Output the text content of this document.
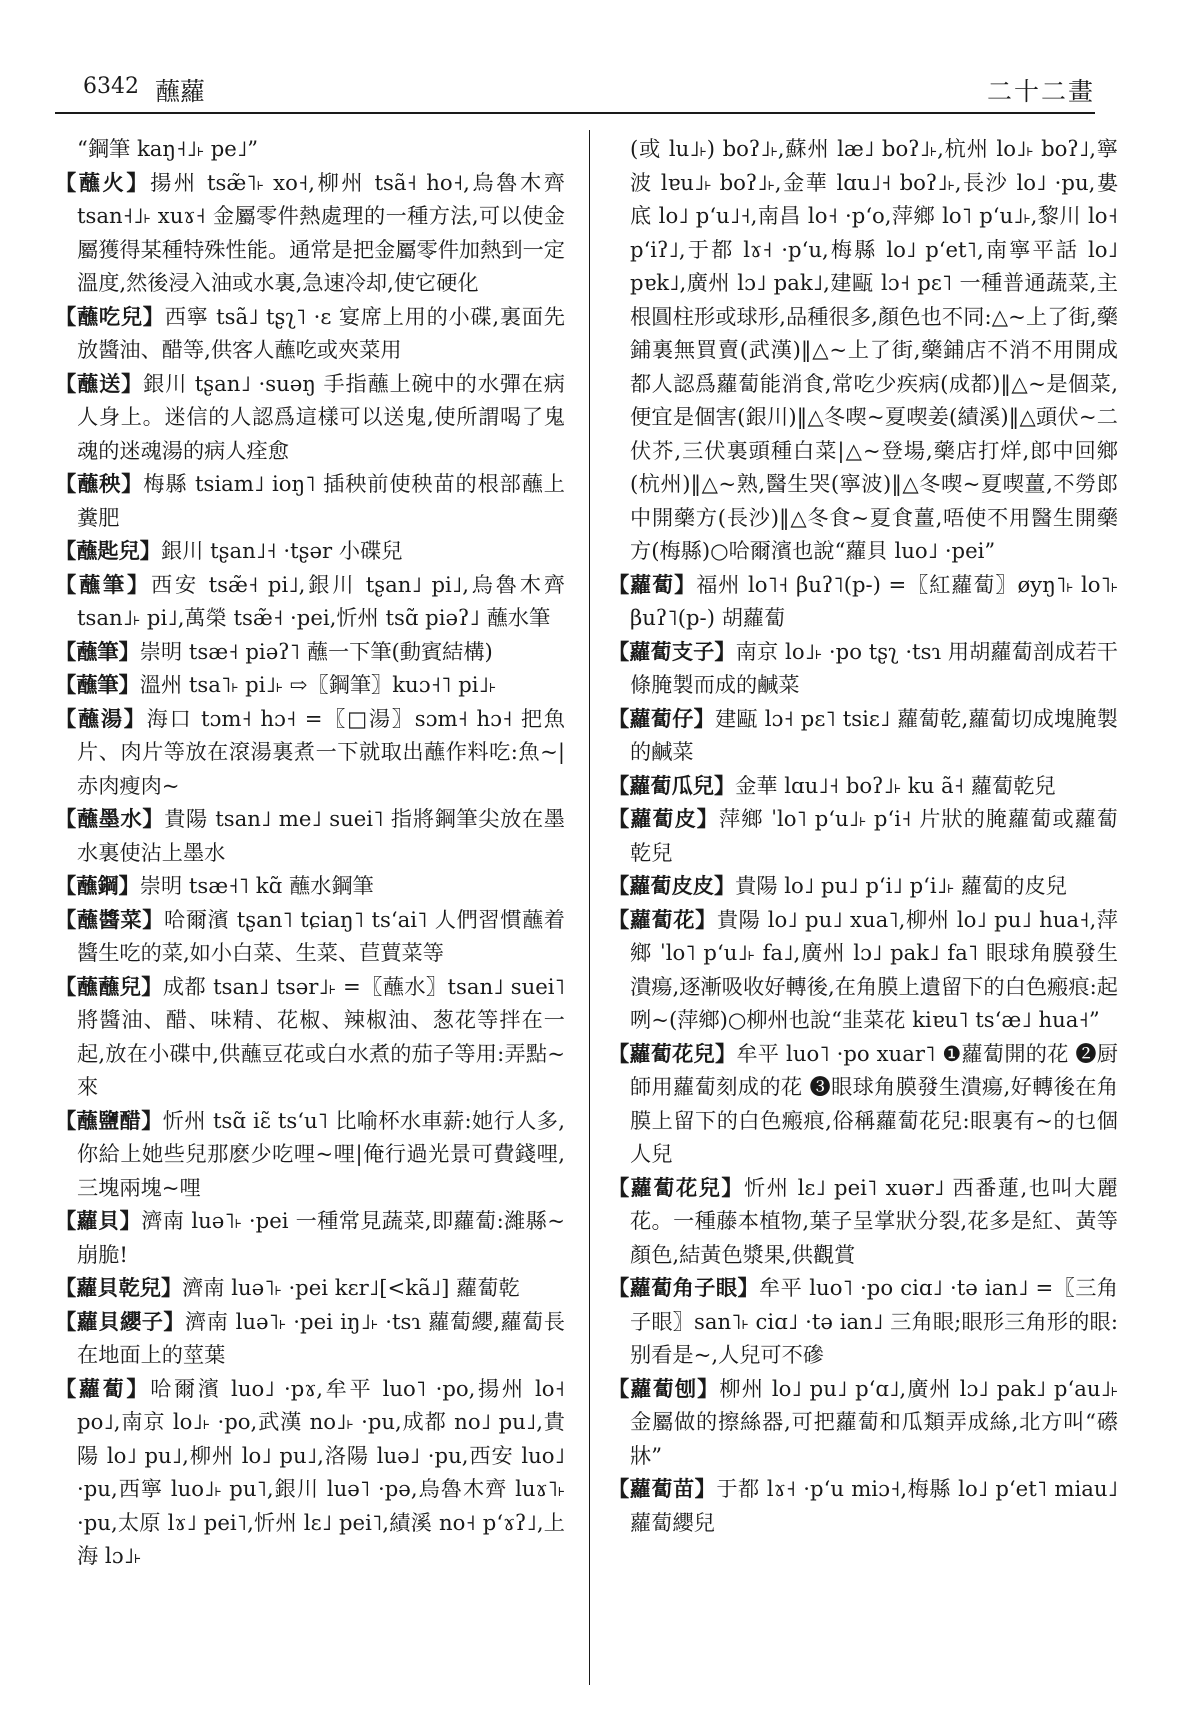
6342 蘸蘿	二十二畫

“鋼筆 kaŋ˧˩˫ pe˩”

【蘸火】揚州 tsæ̃˥˫ xo˧,柳州 tsã˧ ho˧,烏魯木齊 tsan˧˩˫ xuɤ˧ 金屬零件熱處理的一種方法,可以使金屬獲得某種特殊性能。通常是把金屬零件加熱到一定溫度,然後浸入油或水裏,急速冷却,使它硬化

【蘸吃兒】西寧 tsã˩ tʂʅ˥ ·ɛ 宴席上用的小碟,裏面先放醬油、醋等,供客人蘸吃或夾菜用

【蘸送】銀川 tʂan˩ ·suəŋ 手指蘸上碗中的水彈在病人身上。迷信的人認爲這樣可以送鬼,使所謂喝了鬼魂的迷魂湯的病人痊愈

【蘸秧】梅縣 tsiam˩ ioŋ˥ 插秧前使秧苗的根部蘸上糞肥

【蘸匙兒】銀川 tʂan˩˧ ·tʂər 小碟兒

【蘸筆】西安 tsæ̃˧ pi˩,銀川 tʂan˩ pi˩,烏魯木齊 tsan˩˫ pi˩,萬榮 tsæ̃˧ ·pei,忻州 tsɑ̃ piəʔ˩ 蘸水筆

【蘸筆】崇明 tsæ˧ piəʔ˥ 蘸一下筆(動賓結構)

【蘸筆】溫州 tsa˥˫ pi˩˫ ⇨〖鋼筆〗kuɔ˧˥ pi˩˫

【蘸湯】海口 tɔm˧ hɔ˧ =〖□湯〗sɔm˧ hɔ˧ 把魚片、肉片等放在滾湯裏煮一下就取出蘸作料吃:魚~|赤肉瘦肉~

【蘸墨水】貴陽 tsan˩ me˩ suei˥ 指將鋼筆尖放在墨水裏使沾上墨水

【蘸鋼】崇明 tsæ˧˥ kɑ̃ 蘸水鋼筆

【蘸醬菜】哈爾濱 tʂan˥ tɕiaŋ˥ tsʻai˥ 人們習慣蘸着醬生吃的菜,如小白菜、生菜、苣蕒菜等

【蘸蘸兒】成都 tsan˩ tsər˩˫ =〖蘸水〗tsan˩ suei˥ 將醬油、醋、味精、花椒、辣椒油、葱花等拌在一起,放在小碟中,供蘸豆花或白水煮的茄子等用:弄點~來

【蘸鹽醋】忻州 tsɑ̃ iɛ̃ tsʻu˥ 比喻杯水車薪:她行人多,你給上她些兒那麽少吃哩~哩|俺行過光景可費錢哩,三塊兩塊~哩

【蘿貝】濟南 luə˥˫ ·pei 一種常見蔬菜,即蘿蔔:濰縣~崩脆!

【蘿貝乾兒】濟南 luə˥˫ ·pei kɛr˩[<kã˩] 蘿蔔乾

【蘿貝纓子】濟南 luə˥˫ ·pei iŋ˩˫ ·tsɿ 蘿蔔纓,蘿蔔長在地面上的莖葉

【蘿蔔】哈爾濱 luo˩ ·pɤ,牟平 luo˥ ·po,揚州 lo˧ po˩,南京 lo˩˫ ·po,武漢 no˩˫ ·pu,成都 no˩ pu˩,貴陽 lo˩ pu˩,柳州 lo˩ pu˩,洛陽 luə˩ ·pu,西安 luo˩ ·pu,西寧 luo˩˫ pu˥,銀川 luə˥ ·pə,烏魯木齊 luɤ˥˫ ·pu,太原 lɤ˩ pei˥,忻州 lɛ˩ pei˥,績溪 no˧ pʻɤʔ˩,上海 lɔ˩˫

(或 lu˩˫) boʔ˩˫,蘇州 læ˩ boʔ˩˫,杭州 lo˩˫ boʔ˩,寧波 lɐu˩˫ boʔ˩˫,金華 lɑu˩˧ boʔ˩˫,長沙 lo˩ ·pu,婁底 lo˩ pʻu˩˧,南昌 lo˧ ·pʻo,萍鄉 lo˥ pʻu˩˫,黎川 lo˧ pʻiʔ˩,于都 lɤ˧ ·pʻu,梅縣 lo˩ pʻet˥,南寧平話 lo˩ pɐk˩,廣州 lɔ˩ pak˩,建甌 lɔ˧ pɛ˥ 一種普通蔬菜,主根圓柱形或球形,品種很多,顏色也不同:△~上了街,藥鋪裏無買賣(武漢)‖△~上了街,藥鋪店不消不用開成都人認爲蘿蔔能消食,常吃少疾病(成都)‖△~是個菜,便宜是個害(銀川)‖△冬喫~夏喫姜(績溪)‖△頭伏~二伏芥,三伏裏頭種白菜|△~登場,藥店打烊,郎中回鄉(杭州)‖△~熟,醫生哭(寧波)‖△冬喫~夏喫薑,不勞郎中開藥方(長沙)‖△冬食~夏食薑,唔使不用醫生開藥方(梅縣)○哈爾濱也說“蘿貝 luo˩ ·pei”

【蘿蔔】福州 lo˥˧ βuʔ˥(p-) =〖紅蘿蔔〗øyŋ˥˫ lo˥˫ βuʔ˥(p-) 胡蘿蔔

【蘿蔔支子】南京 lo˩˫ ·po tʂʅ ·tsɿ 用胡蘿蔔剖成若干條腌製而成的鹹菜

【蘿蔔仔】建甌 lɔ˧ pɛ˥ tsiɛ˩ 蘿蔔乾,蘿蔔切成塊腌製的鹹菜

【蘿蔔瓜兒】金華 lɑu˩˧ boʔ˩˫ ku ã˧ 蘿蔔乾兒

【蘿蔔皮】萍鄉 ˈlo˥ pʻu˩˫ pʻi˧ 片狀的腌蘿蔔或蘿蔔乾兒

【蘿蔔皮皮】貴陽 lo˩ pu˩ pʻi˩ pʻi˩˫ 蘿蔔的皮兒

【蘿蔔花】貴陽 lo˩ pu˩ xua˥,柳州 lo˩ pu˩ hua˧,萍鄉 ˈlo˥ pʻu˩˫ fa˩,廣州 lɔ˩ pak˩ fa˥ 眼球角膜發生潰瘍,逐漸吸收好轉後,在角膜上遺留下的白色瘢痕:起咧~(萍鄉)○柳州也說“韭菜花 kiɐu˥ tsʻæ˩ hua˧”

【蘿蔔花兒】牟平 luo˥ ·po xuar˥ ❶蘿蔔開的花 ❷厨師用蘿蔔刻成的花 ❸眼球角膜發生潰瘍,好轉後在角膜上留下的白色瘢痕,俗稱蘿蔔花兒:眼裏有~的乜個人兒

【蘿蔔花兒】忻州 lɛ˩ pei˥ xuər˩ 西番蓮,也叫大麗花。一種藤本植物,葉子呈掌狀分裂,花多是紅、黃等顏色,結黃色漿果,供觀賞

【蘿蔔角子眼】牟平 luo˥ ·po ciɑ˩ ·tə ian˩ =〖三角子眼〗san˥˫ ciɑ˩ ·tə ian˩ 三角眼;眼形三角形的眼:别看是~,人兒可不磣

【蘿蔔刨】柳州 lo˩ pu˩ pʻɑ˩,廣州 lɔ˩ pak˩ pʻau˩˫ 金屬做的擦絲器,可把蘿蔔和瓜類弄成絲,北方叫“礤牀”

【蘿蔔苗】于都 lɤ˧ ·pʻu miɔ˧,梅縣 lo˩ pʻet˥ miau˩ 蘿蔔纓兒
